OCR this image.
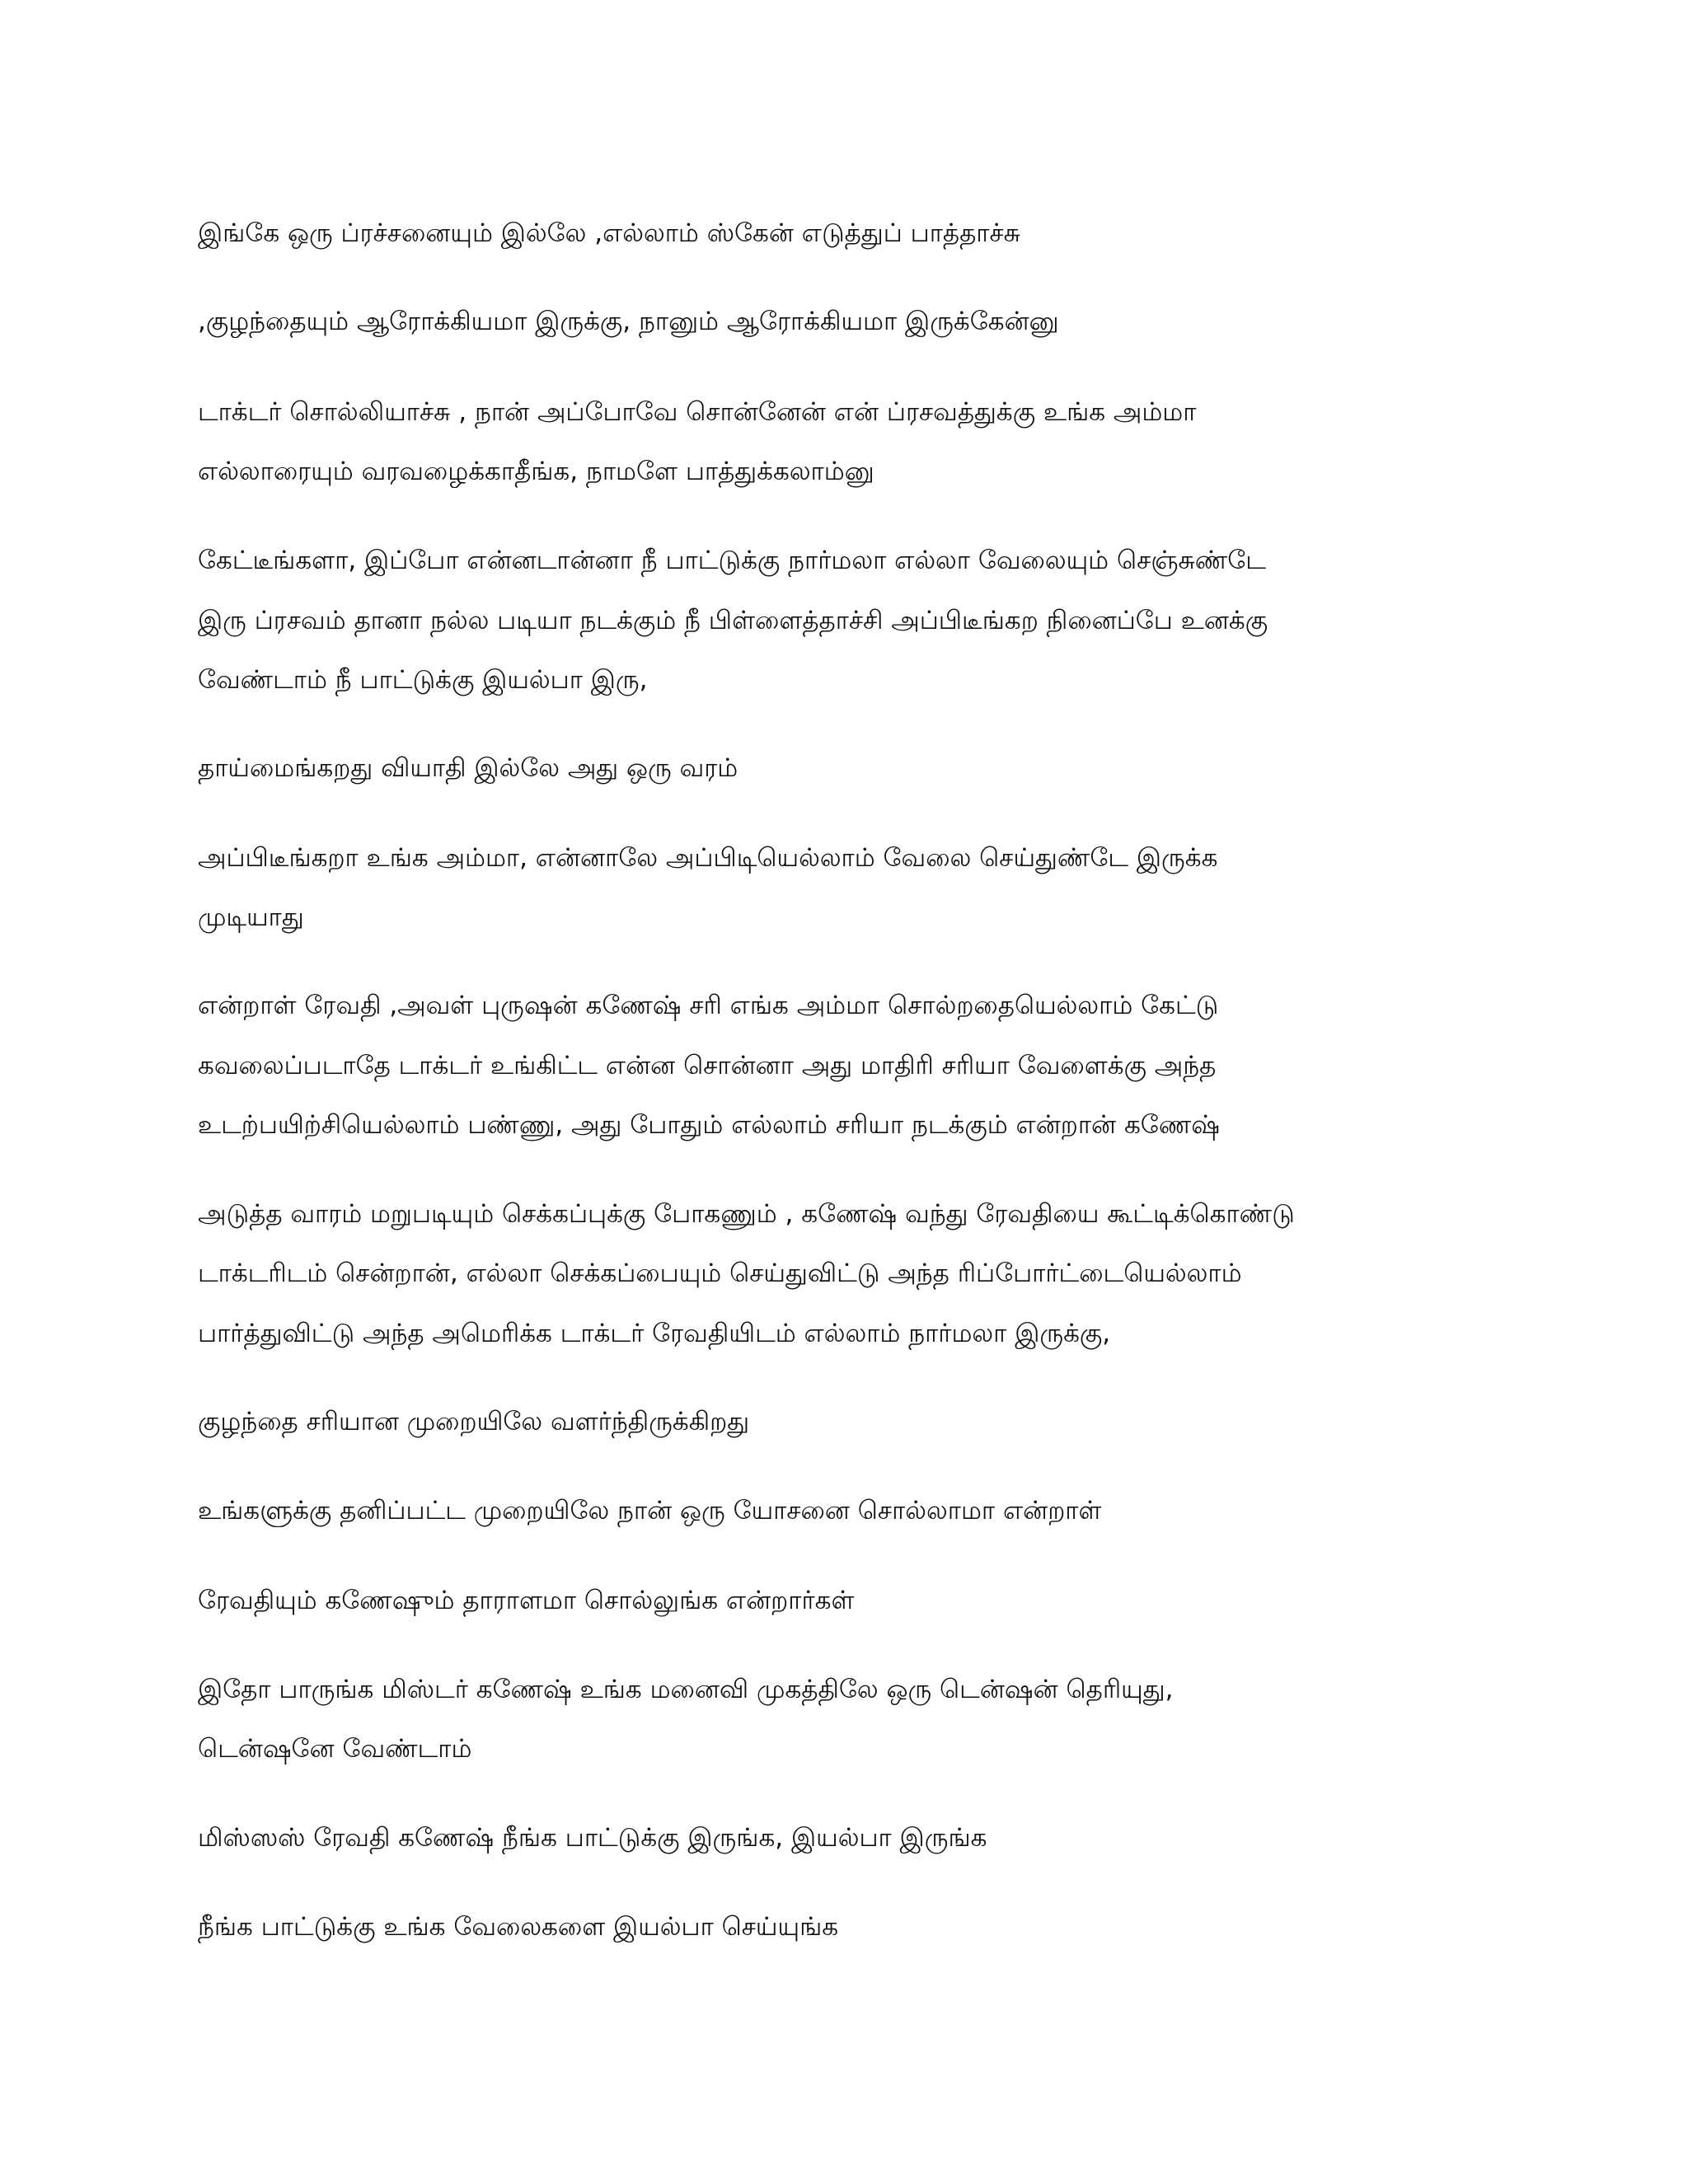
இங்கே ஒரு ப்ரச்சனையும் இல்லே ,எல்லாம் ஸ்கேன் எடுத்துப் பாத்தாச்சு
,குழந்தையும் ஆரோக்கியமா இருக்கு, நானும் ஆரோக்கியமா இருக்கேன்னு
டாக்டர் சொல்லியாச்சு , நான் அப்போவே சொன்னேன் என் ப்ரசவத்துக்கு உங்க அம்மா
எல்லாரையும் வரவழைக்காதீங்க, நாமளே பாத்துக்கலாம்னு
கேட்டீங்களா, இப்போ என்னடான்னா நீ பாட்டுக்கு நார்மலா எல்லா வேலையும் செஞ்சுண்டே
இரு ப்ரசவம் தானா நல்ல படியா நடக்கும் நீ பிள்ளைத்தாச்சி அப்பிடீங்கற நினைப்பே உனக்கு
வேண்டாம் நீ பாட்டுக்கு இயல்பா இரு,
தாய்மைங்கறது வியாதி இல்லே அது ஒரு வரம்
அப்பிடீங்கறா உங்க அம்மா, என்னாலே அப்பிடியெல்லாம் வேலை செய்துண்டே இருக்க
முடியாது
என்றாள் ரேவதி ,அவள் புருஷன் கணேஷ் சரி எங்க அம்மா சொல்றதையெல்லாம் கேட்டு
கவலைப்படாதே டாக்டர் உங்கிட்ட என்ன சொன்னா அது மாதிரி சரியா வேளைக்கு அந்த
உடற்பயிற்சியெல்லாம் பண்ணு, அது போதும் எல்லாம் சரியா நடக்கும் என்றான் கணேஷ்
அடுத்த வாரம் மறுபடியும் செக்கப்புக்கு போகணும் , கணேஷ் வந்து ரேவதியை கூட்டிக்கொண்டு
டாக்டரிடம் சென்றான், எல்லா செக்கப்பையும் செய்துவிட்டு அந்த ரிப்போர்ட்டையெல்லாம்
பார்த்துவிட்டு அந்த அமெரிக்க டாக்டர் ரேவதியிடம் எல்லாம் நார்மலா இருக்கு,
குழந்தை சரியான முறையிலே வளர்ந்திருக்கிறது
உங்களுக்கு தனிப்பட்ட முறையிலே நான் ஒரு யோசனை சொல்லாமா என்றாள்
ரேவதியும் கணேஷும் தாராளமா சொல்லுங்க என்றார்கள்
இதோ பாருங்க மிஸ்டர் கணேஷ் உங்க மனைவி முகத்திலே ஒரு டென்ஷன் தெரியுது,
டென்ஷனே வேண்டாம்
மிஸ்ஸஸ் ரேவதி கணேஷ் நீங்க பாட்டுக்கு இருங்க, இயல்பா இருங்க
நீங்க பாட்டுக்கு உங்க வேலைகளை இயல்பா செய்யுங்க
